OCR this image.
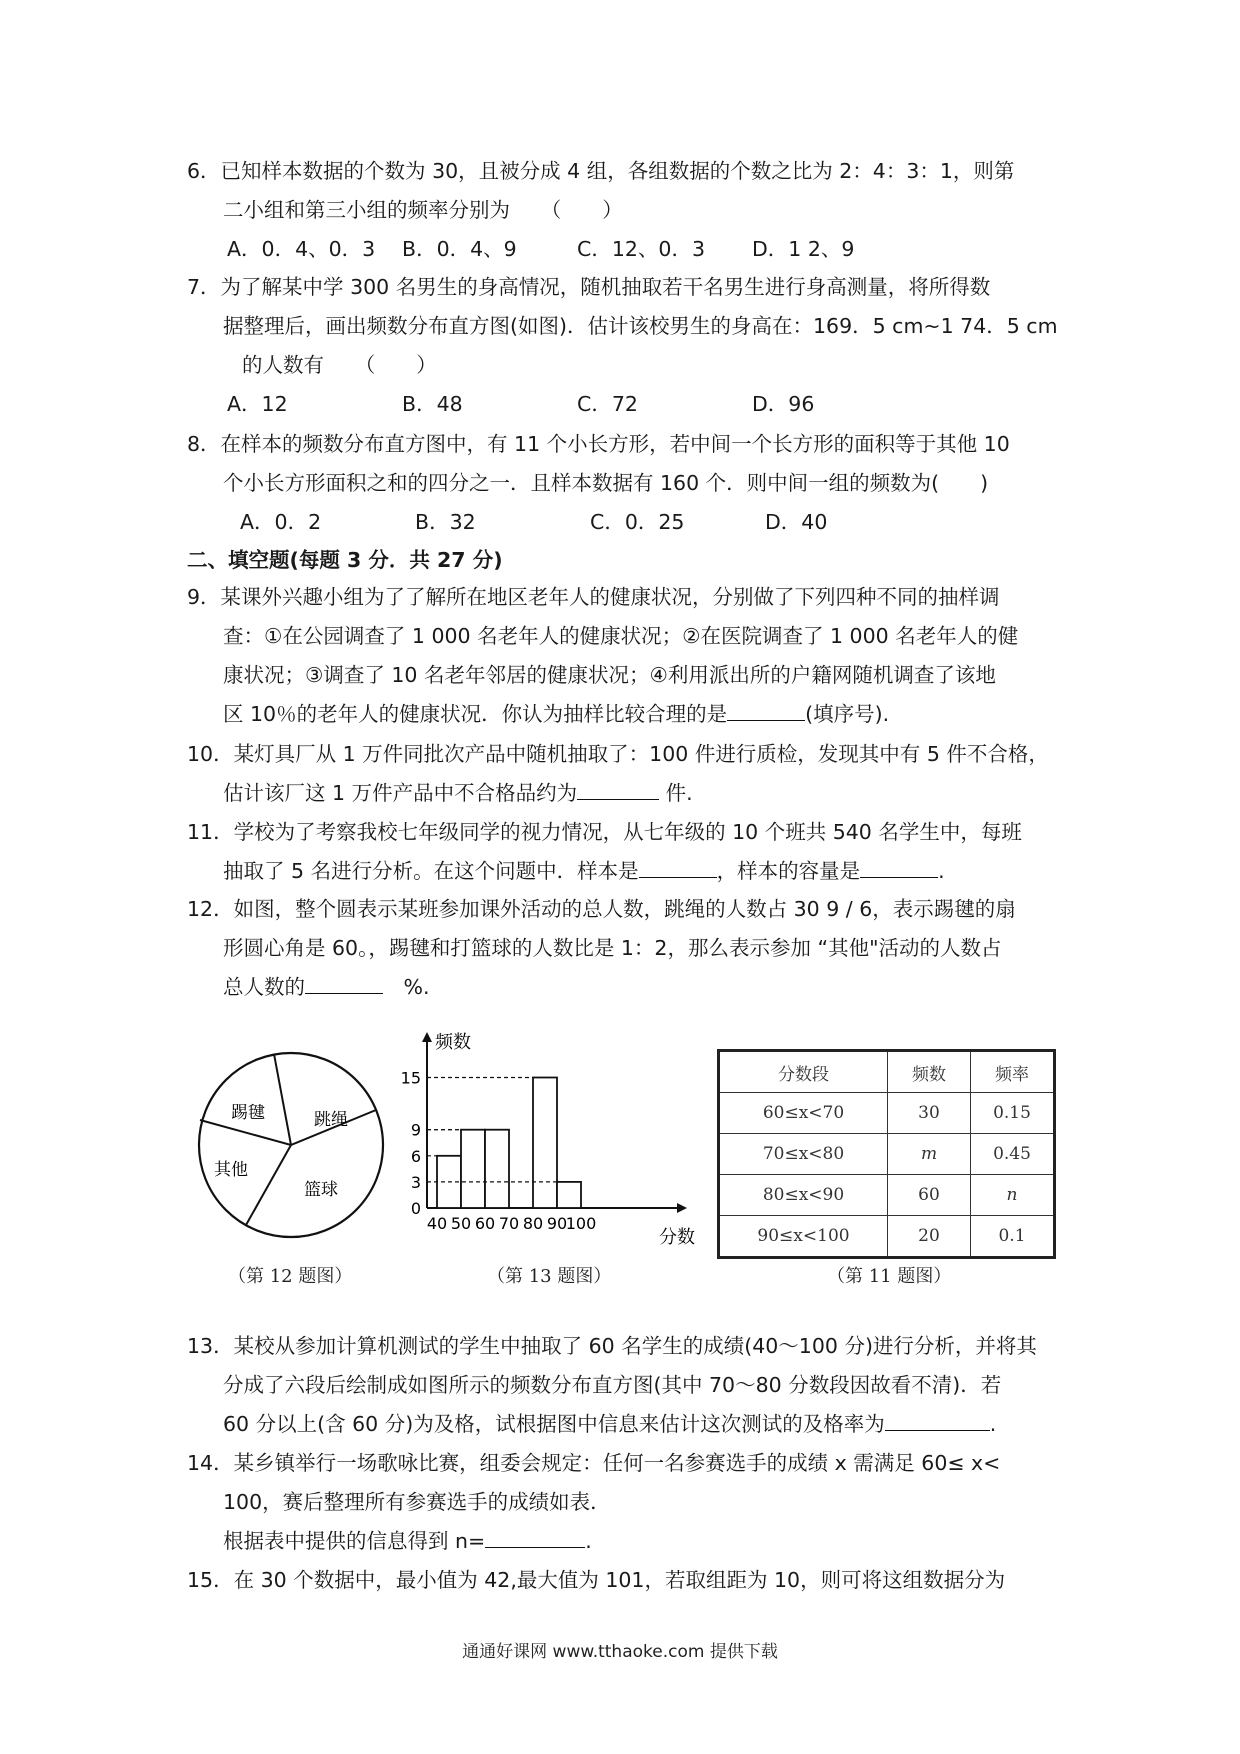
6．已知样本数据的个数为 30，且被分成 4 组，各组数据的个数之比为 2：4：3：1，则第
二小组和第三小组的频率分别为　　（　　）
A．0．4、0．3	B．0．4、9	C．12、0．3	D．1 2、9
7．为了解某中学 300 名男生的身高情况，随机抽取若干名男生进行身高测量，将所得数
据整理后，画出频数分布直方图(如图)．估计该校男生的身高在：169．5 cm~1 74．5 cm
的人数有　　（　　）
A．12	B．48	C．72	D．96
8．在样本的频数分布直方图中，有 11 个小长方形，若中间一个长方形的面积等于其他 10
个小长方形面积之和的四分之一．且样本数据有 160 个．则中间一组的频数为(　　)
A．0．2	B．32	C．0．25	D．40
二、填空题(每题 3 分．共 27 分)
9．某课外兴趣小组为了了解所在地区老年人的健康状况，分别做了下列四种不同的抽样调
查：①在公园调查了 1 000 名老年人的健康状况；②在医院调查了 1 000 名老年人的健
康状况；③调查了 10 名老年邻居的健康状况；④利用派出所的户籍网随机调查了该地
区 10％的老年人的健康状况．你认为抽样比较合理的是	(填序号).
10．某灯具厂从 1 万件同批次产品中随机抽取了：100 件进行质检，发现其中有 5 件不合格，
估计该厂这 1 万件产品中不合格品约为	件.
11．学校为了考察我校七年级同学的视力情况，从七年级的 10 个班共 540 名学生中，每班
抽取了 5 名进行分析。在这个问题中．样本是	，样本的容量是	.
12．如图，整个圆表示某班参加课外活动的总人数，跳绳的人数占 30 9 / 6，表示踢毽的扇
形圆心角是 60。，踢毽和打篮球的人数比是 1：2，那么表示参加 “其他"活动的人数占
总人数的	　%.
踢毽	跳绳
其他
篮球
（第 12 题图）
0
3
6
9
15
40 50 60 70 80 90
100
频数
分数
（第 13 题图）
分数段	频数	频率
60≤x<70	30	0.15
70≤x<80	m	0.45
80≤x<90	60	n
90≤x<100	20	0.1
（第 11 题图）
13．某校从参加计算机测试的学生中抽取了 60 名学生的成绩(40～100 分)进行分析，并将其
分成了六段后绘制成如图所示的频数分布直方图(其中 70～80 分数段因故看不清)．若
60 分以上(含 60 分)为及格，试根据图中信息来估计这次测试的及格率为	.
14．某乡镇举行一场歌咏比赛，组委会规定：任何一名参赛选手的成绩 x 需满足 60≤ x<
100，赛后整理所有参赛选手的成绩如表．
根据表中提供的信息得到 n=	.
15．在 30 个数据中，最小值为 42,最大值为 101，若取组距为 10，则可将这组数据分为
通通好课网 www.tthaoke.com 提供下载
